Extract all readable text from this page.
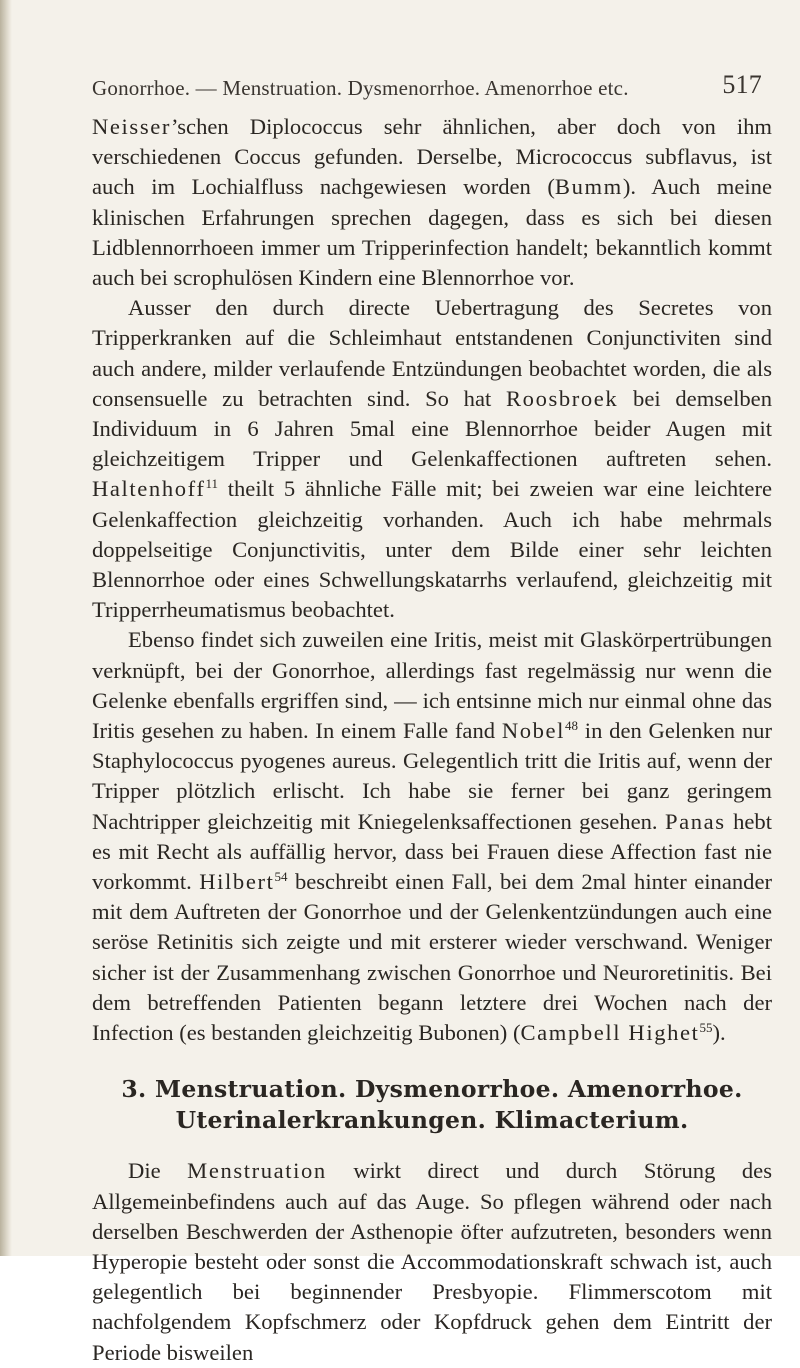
Gonorrhoe. — Menstruation. Dysmenorrhoe. Amenorrhoe etc.	517

Neisser’schen Diplococcus sehr ähnlichen, aber doch von ihm verschiedenen Coccus gefunden. Derselbe, Micrococcus subflavus, ist auch im Lochialfluss nachgewiesen worden (Bumm). Auch meine klinischen Erfahrungen sprechen dagegen, dass es sich bei diesen Lidblennorrhoeen immer um Tripperinfection handelt; bekanntlich kommt auch bei scrophulösen Kindern eine Blennorrhoe vor.

Ausser den durch directe Uebertragung des Secretes von Tripperkranken auf die Schleimhaut entstandenen Conjunctiviten sind auch andere, milder verlaufende Entzündungen beobachtet worden, die als consensuelle zu betrachten sind. So hat Roosbroek bei demselben Individuum in 6 Jahren 5mal eine Blennorrhoe beider Augen mit gleichzeitigem Tripper und Gelenkaffectionen auftreten sehen. Haltenhoff$^{11}$ theilt 5 ähnliche Fälle mit; bei zweien war eine leichtere Gelenkaffection gleichzeitig vorhanden. Auch ich habe mehrmals doppelseitige Conjunctivitis, unter dem Bilde einer sehr leichten Blennorrhoe oder eines Schwellungskatarrhs verlaufend, gleichzeitig mit Tripperrheumatismus beobachtet.

Ebenso findet sich zuweilen eine Iritis, meist mit Glaskörpertrübungen verknüpft, bei der Gonorrhoe, allerdings fast regelmässig nur wenn die Gelenke ebenfalls ergriffen sind, — ich entsinne mich nur einmal ohne das Iritis gesehen zu haben. In einem Falle fand Nobel$^{48}$ in den Gelenken nur Staphylococcus pyogenes aureus. Gelegentlich tritt die Iritis auf, wenn der Tripper plötzlich erlischt. Ich habe sie ferner bei ganz geringem Nachtripper gleichzeitig mit Kniegelenksaffectionen gesehen. Panas hebt es mit Recht als auffällig hervor, dass bei Frauen diese Affection fast nie vorkommt. Hilbert$^{54}$ beschreibt einen Fall, bei dem 2mal hinter einander mit dem Auftreten der Gonorrhoe und der Gelenkentzündungen auch eine seröse Retinitis sich zeigte und mit ersterer wieder verschwand. Weniger sicher ist der Zusammenhang zwischen Gonorrhoe und Neuroretinitis. Bei dem betreffenden Patienten begann letztere drei Wochen nach der Infection (es bestanden gleichzeitig Bubonen) (Campbell Highet$^{55}$).

3. Menstruation. Dysmenorrhoe. Amenorrhoe.
Uterinalerkrankungen. Klimacterium.

Die Menstruation wirkt direct und durch Störung des Allgemeinbefindens auch auf das Auge. So pflegen während oder nach derselben Beschwerden der Asthenopie öfter aufzutreten, besonders wenn Hyperopie besteht oder sonst die Accommodationskraft schwach ist, auch gelegentlich bei beginnender Presbyopie. Flimmerscotom mit nachfolgendem Kopfschmerz oder Kopfdruck gehen dem Eintritt der Periode bisweilen
